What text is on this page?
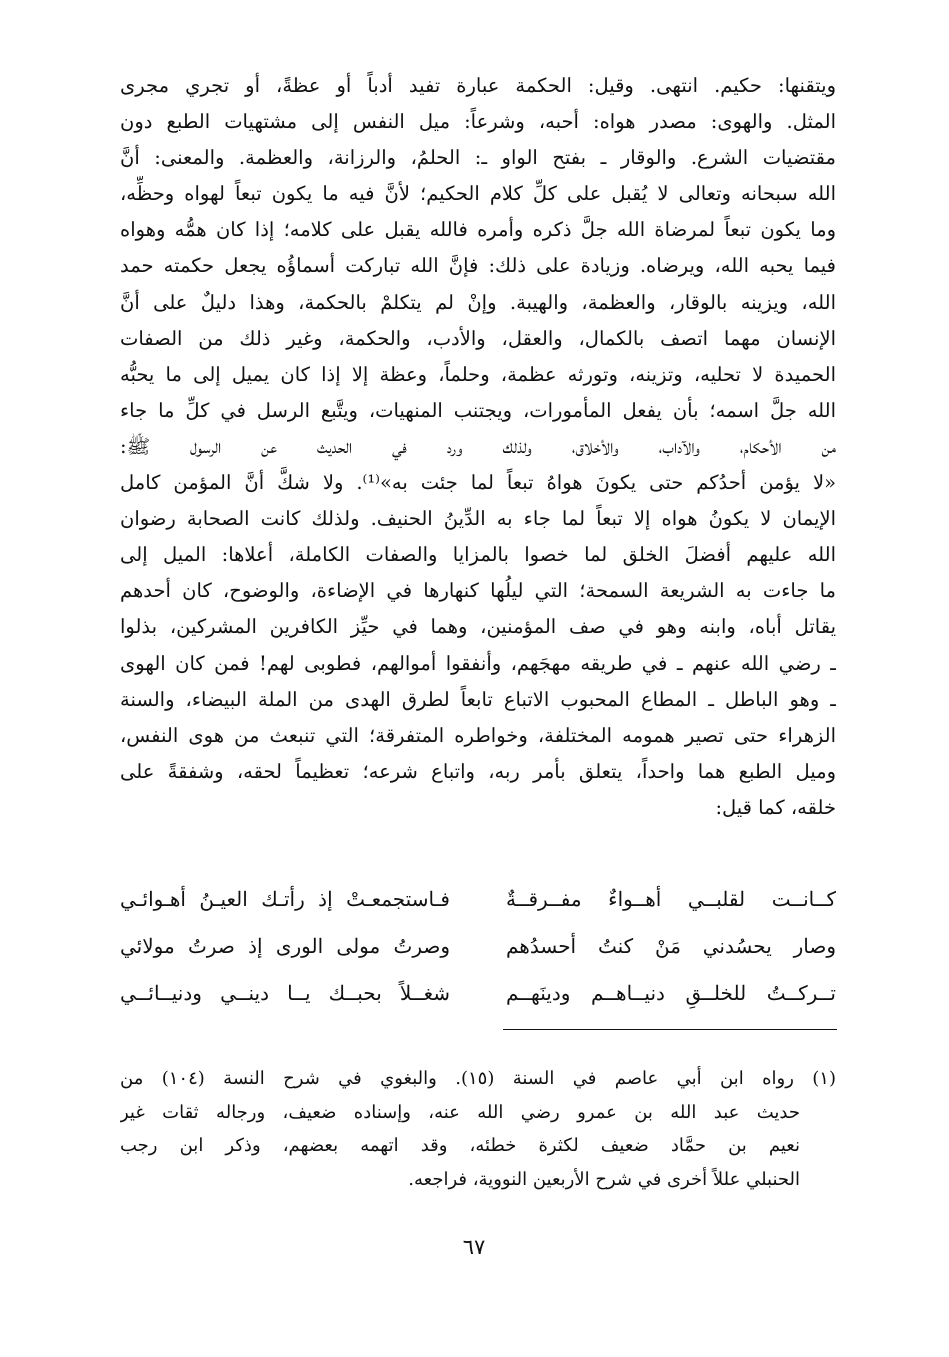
ويتقنها: حكيم. انتهى. وقيل: الحكمة عبارة تفيد أدباً أو عظةً، أو تجري مجرى
المثل. والهوى: مصدر هواه: أحبه، وشرعاً: ميل النفس إلى مشتهيات الطبع دون
مقتضيات الشرع. والوقار ـ بفتح الواو ـ: الحلمُ، والرزانة، والعظمة. والمعنى: أنَّ
الله سبحانه وتعالى لا يُقبل على كلِّ كلام الحكيم؛ لأنَّ فيه ما يكون تبعاً لهواه وحظِّه،
وما يكون تبعاً لمرضاة الله جلَّ ذكره وأمره فالله يقبل على كلامه؛ إذا كان همُّه وهواه
فيما يحبه الله، ويرضاه. وزيادة على ذلك: فإنَّ الله تباركت أسماؤُه يجعل حكمته حمد
الله، ويزينه بالوقار، والعظمة، والهيبة. وإنْ لم يتكلمْ بالحكمة، وهذا دليلٌ على أنَّ
الإنسان مهما اتصف بالكمال، والعقل، والأدب، والحكمة، وغير ذلك من الصفات
الحميدة لا تحليه، وتزينه، وتورثه عظمة، وحلماً، وعظة إلا إذا كان يميل إلى ما يحبُّه
الله جلَّ اسمه؛ بأن يفعل المأمورات، ويجتنب المنهيات، ويتَّبع الرسل في كلِّ ما جاء
من الأحكام، والآداب، والأخلاق، ولذلك ورد في الحديث عن الرسول ﷺ:
«لا يؤمن أحدُكم حتى يكونَ هواهُ تبعاً لما جئت به»⁽¹⁾. ولا شكَّ أنَّ المؤمن كامل
الإيمان لا يكونُ هواه إلا تبعاً لما جاء به الدِّينُ الحنيف. ولذلك كانت الصحابة رضوان
الله عليهم أفضلَ الخلق لما خصوا بالمزايا والصفات الكاملة، أعلاها: الميل إلى
ما جاءت به الشريعة السمحة؛ التي ليلُها كنهارها في الإضاءة، والوضوح، كان أحدهم
يقاتل أباه، وابنه وهو في صف المؤمنين، وهما في حيِّز الكافرين المشركين، بذلوا
ـ رضي الله عنهم ـ في طريقه مهجَهم، وأنفقوا أموالهم، فطوبى لهم! فمن كان الهوى
ـ وهو الباطل ـ المطاع المحبوب الاتباع تابعاً لطرق الهدى من الملة البيضاء، والسنة
الزهراء حتى تصير همومه المختلفة، وخواطره المتفرقة؛ التي تنبعث من هوى النفس،
وميل الطبع هما واحداً، يتعلق بأمر ربه، واتباع شرعه؛ تعظيماً لحقه، وشفقةً على
خلقه، كما قيل:
كــانــت لقلبــي أهــواءٌ مفــرقــةٌ
فـاستجمعـتْ إذ رأتـك العيـنُ أهـوائـي
وصار يحسُدني مَنْ كنتُ أحسدُهم
وصرتُ مولى الورى إذ صرتُ مولائي
تــركــتُ للخلــقِ دنيــاهــم ودينَهــم
شغــلاً بحبــك يــا دينــي ودنيــائــي
(١) رواه ابن أبي عاصم في السنة (١٥). والبغوي في شرح النسة (١٠٤) من
حديث عبد الله بن عمرو رضي الله عنه، وإسناده ضعيف، ورجاله ثقات غير
نعيم بن حمَّاد ضعيف لكثرة خطئه، وقد اتهمه بعضهم، وذكر ابن رجب
الحنبلي عللاً أخرى في شرح الأربعين النووية، فراجعه.
٦٧
